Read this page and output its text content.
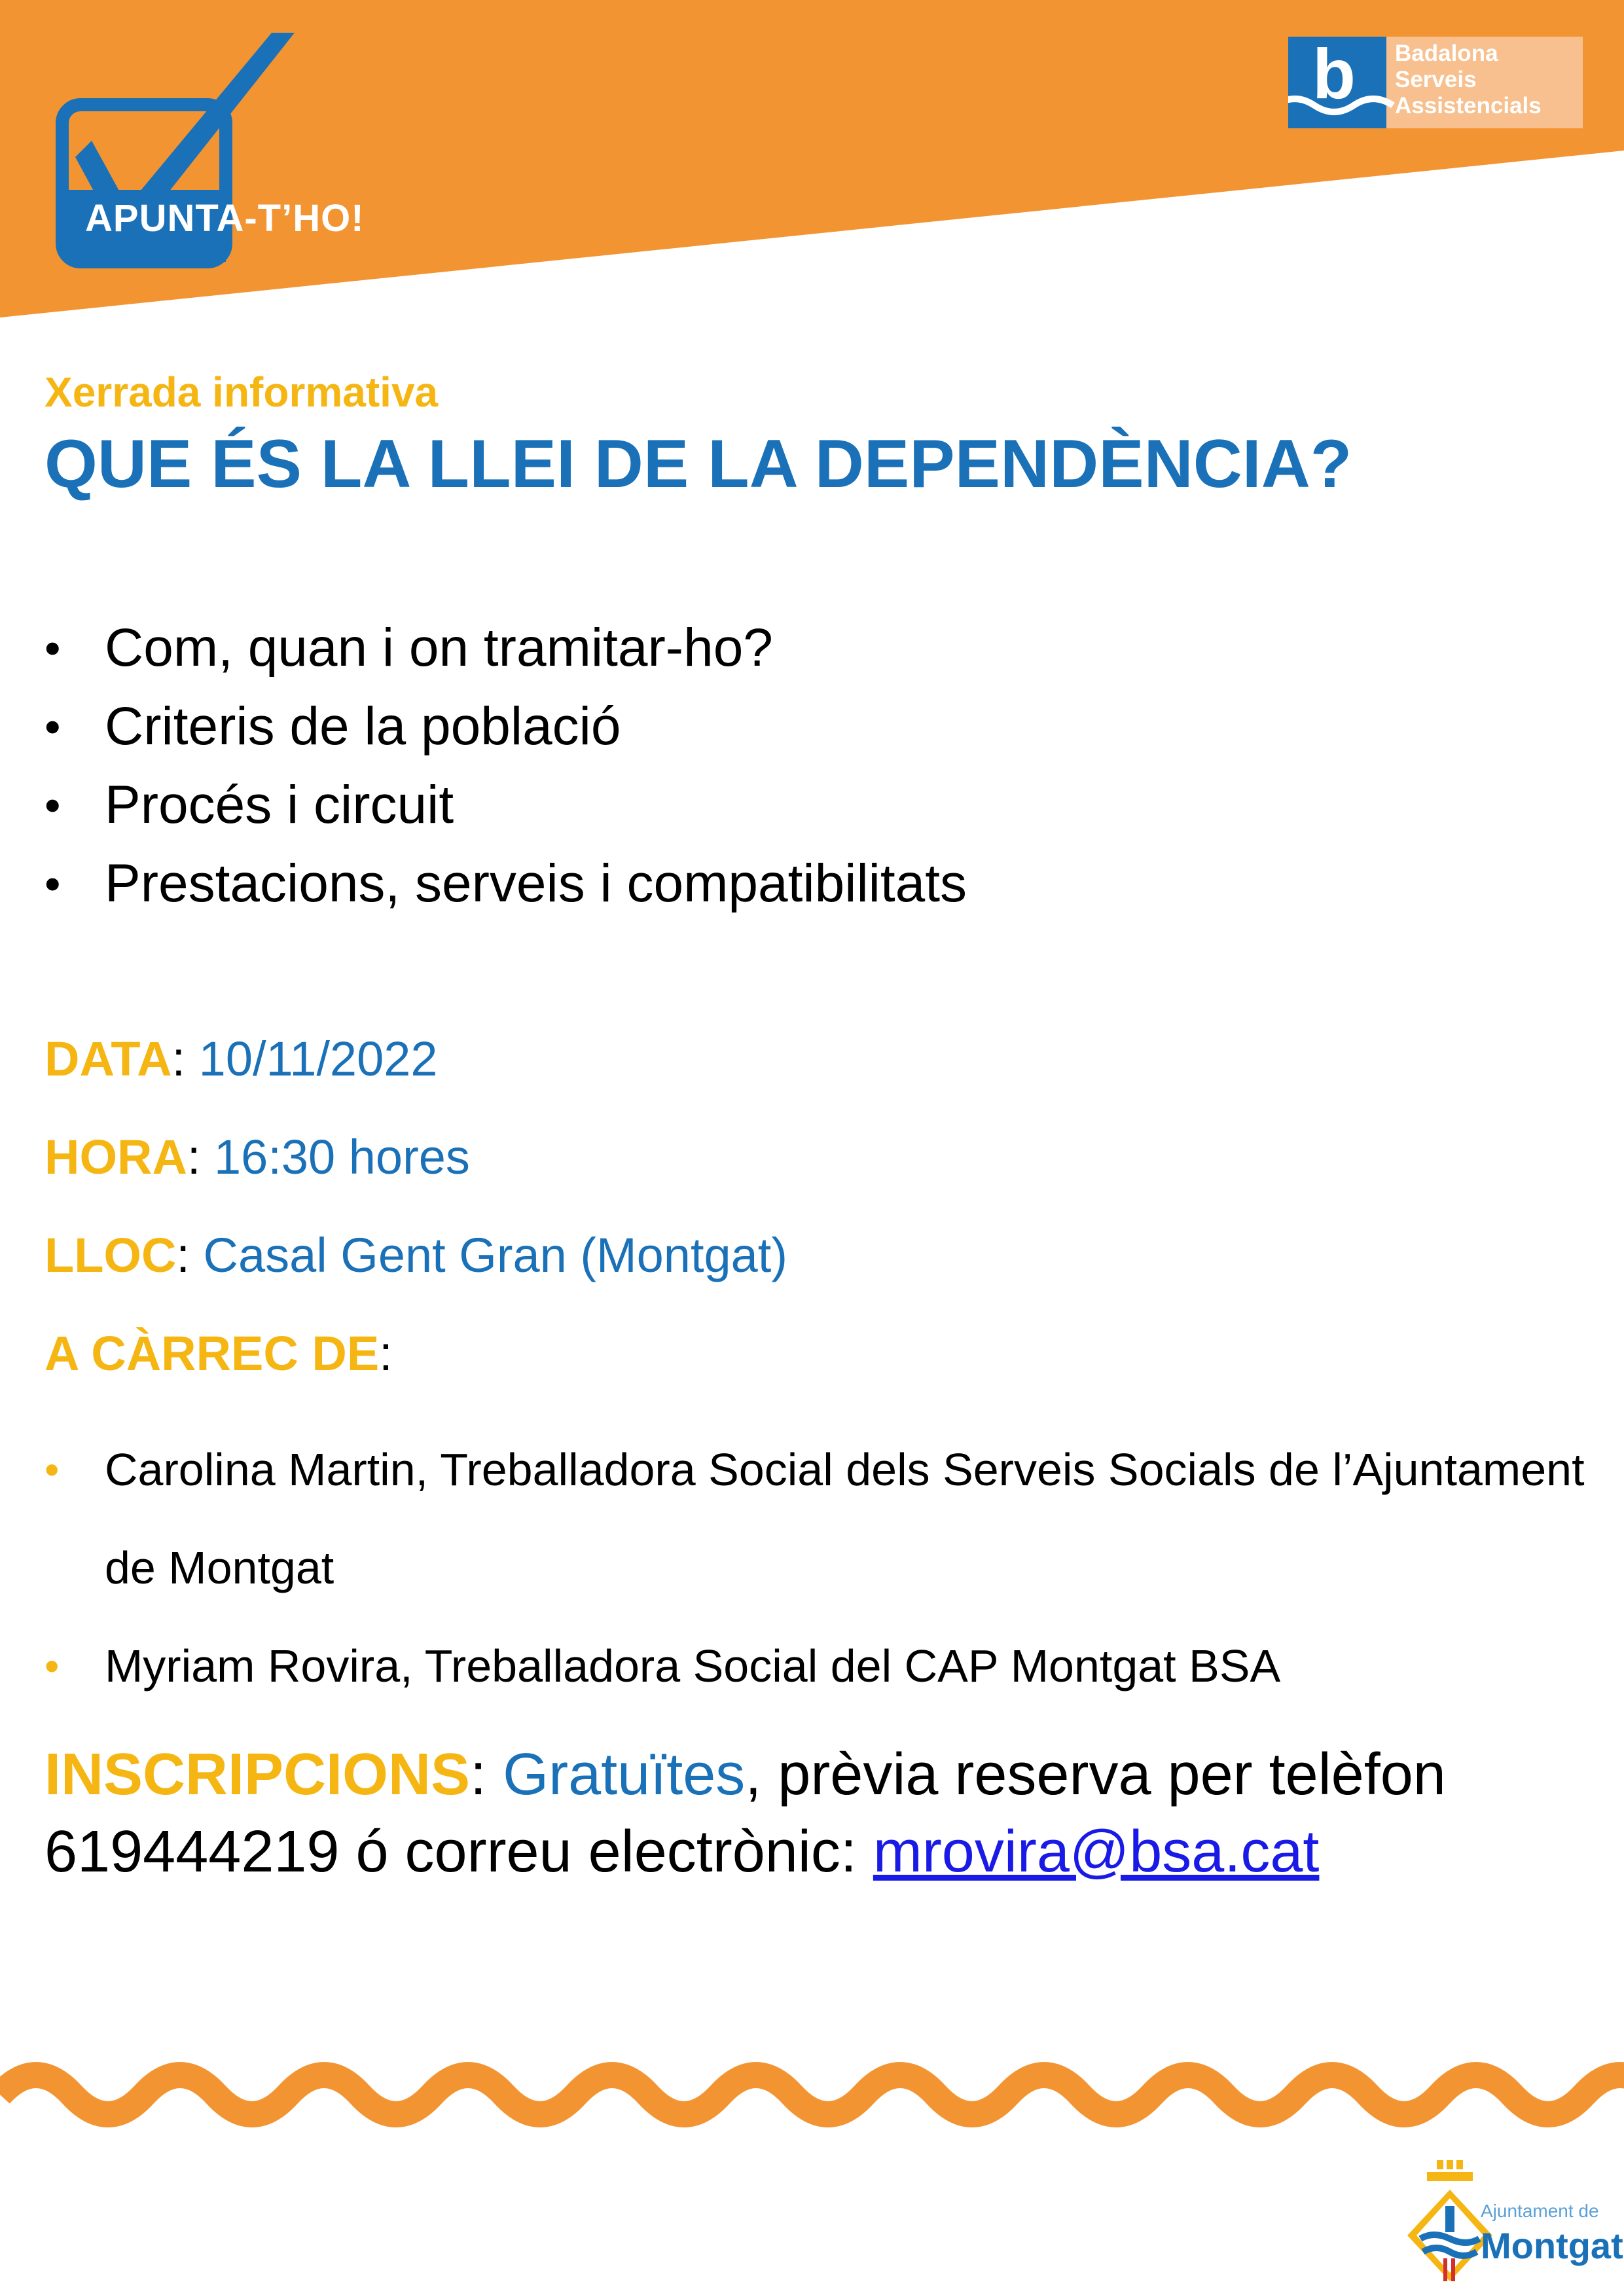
APUNTA-T’HO!
b Badalona
Serveis
Assistencials
Xerrada informativa
QUE ÉS LA LLEI DE LA DEPENDÈNCIA?
• Com, quan i on tramitar-ho?
• Criteris de la població
• Procés i circuit
• Prestacions, serveis i compatibilitats
DATA: 10/11/2022
HORA: 16:30 hores
LLOC: Casal Gent Gran (Montgat)
A CÀRREC DE:
• Carolina Martin, Treballadora Social dels Serveis Socials de l’Ajuntament de Montgat
• Myriam Rovira, Treballadora Social del CAP Montgat BSA
INSCRIPCIONS: Gratuïtes, prèvia reserva per telèfon 619444219 ó correu electrònic: mrovira@bsa.cat
Ajuntament de
Montgat
